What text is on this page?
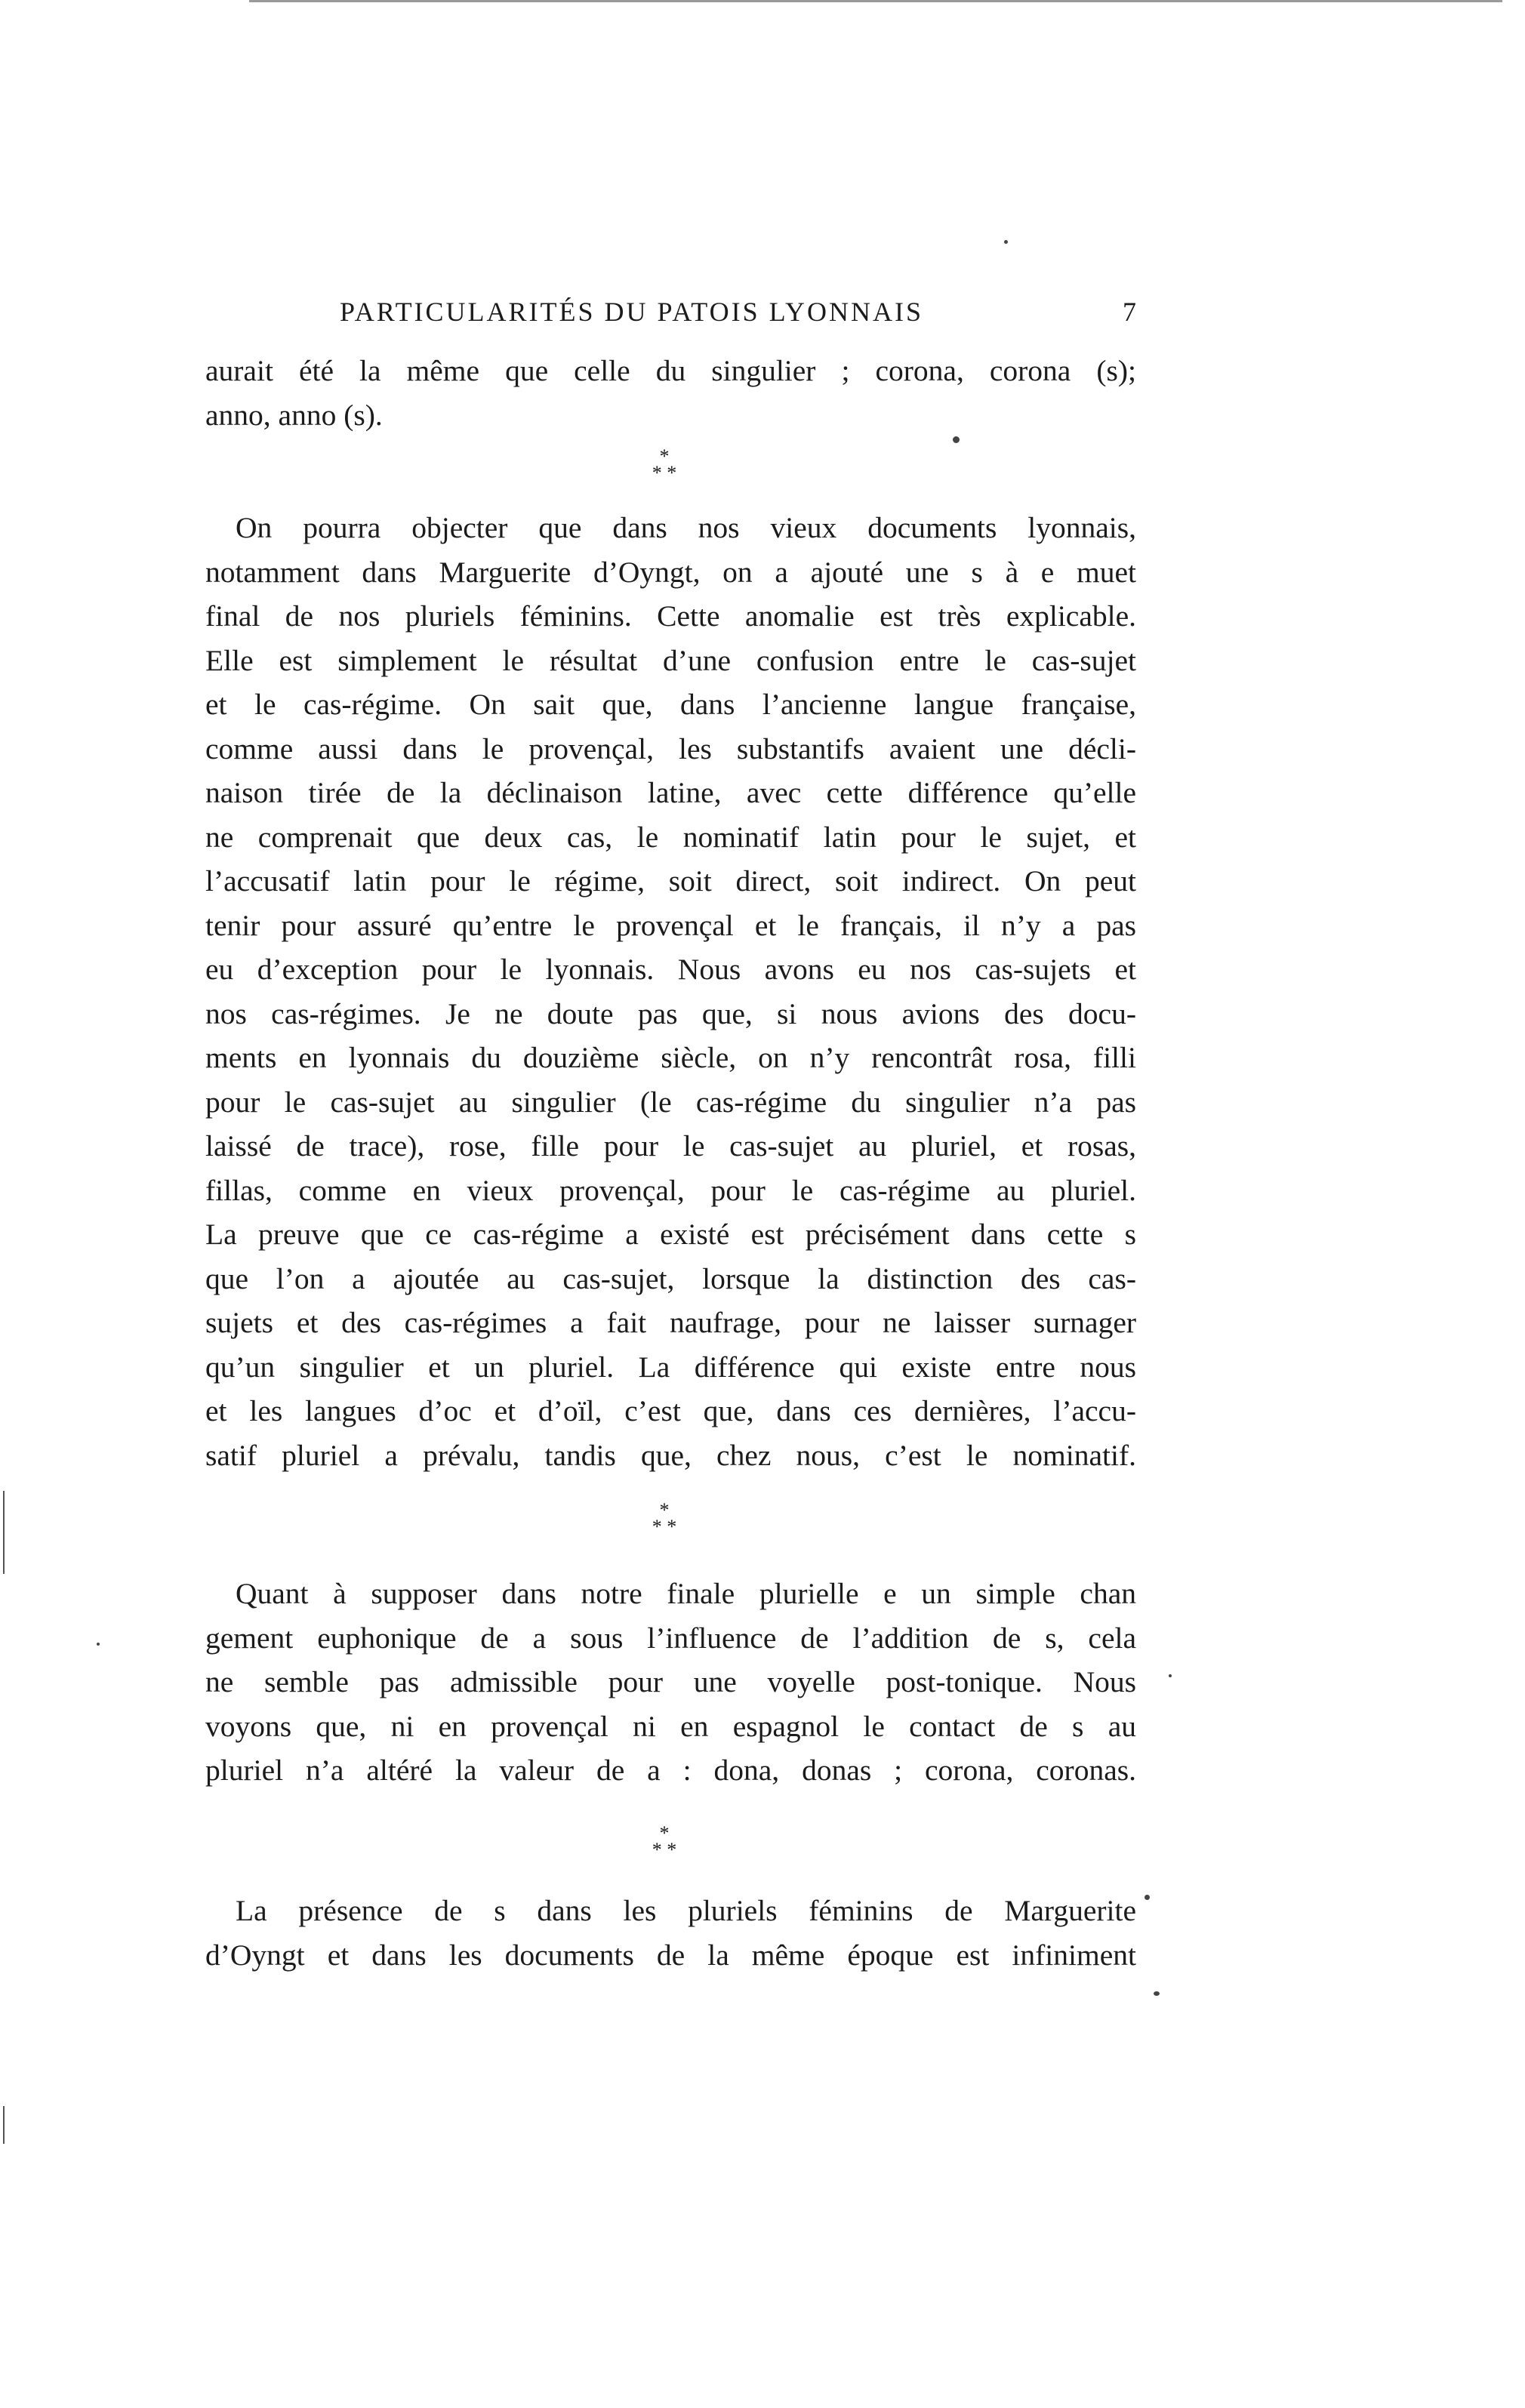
PARTICULARITÉS DU PATOIS LYONNAIS	7
aurait été la même que celle du singulier ; corona, corona (s);
anno, anno (s).
*
* *
On pourra objecter que dans nos vieux documents lyonnais,
notamment dans Marguerite d’Oyngt, on a ajouté une s à e muet
final de nos pluriels féminins. Cette anomalie est très explicable.
Elle est simplement le résultat d’une confusion entre le cas-sujet
et le cas-régime. On sait que, dans l’ancienne langue française,
comme aussi dans le provençal, les substantifs avaient une décli-
naison tirée de la déclinaison latine, avec cette différence qu’elle
ne comprenait que deux cas, le nominatif latin pour le sujet, et
l’accusatif latin pour le régime, soit direct, soit indirect. On peut
tenir pour assuré qu’entre le provençal et le français, il n’y a pas
eu d’exception pour le lyonnais. Nous avons eu nos cas-sujets et
nos cas-régimes. Je ne doute pas que, si nous avions des docu-
ments en lyonnais du douzième siècle, on n’y rencontrât rosa, filli
pour le cas-sujet au singulier (le cas-régime du singulier n’a pas
laissé de trace), rose, fille pour le cas-sujet au pluriel, et rosas,
fillas, comme en vieux provençal, pour le cas-régime au pluriel.
La preuve que ce cas-régime a existé est précisément dans cette s
que l’on a ajoutée au cas-sujet, lorsque la distinction des cas-
sujets et des cas-régimes a fait naufrage, pour ne laisser surnager
qu’un singulier et un pluriel. La différence qui existe entre nous
et les langues d’oc et d’oïl, c’est que, dans ces dernières, l’accu-
satif pluriel a prévalu, tandis que, chez nous, c’est le nominatif.
*
* *
Quant à supposer dans notre finale plurielle e un simple chan
gement euphonique de a sous l’influence de l’addition de s, cela
ne semble pas admissible pour une voyelle post-tonique. Nous
voyons que, ni en provençal ni en espagnol le contact de s au
pluriel n’a altéré la valeur de a : dona, donas ; corona, coronas.
*
* *
La présence de s dans les pluriels féminins de Marguerite
d’Oyngt et dans les documents de la même époque est infiniment
